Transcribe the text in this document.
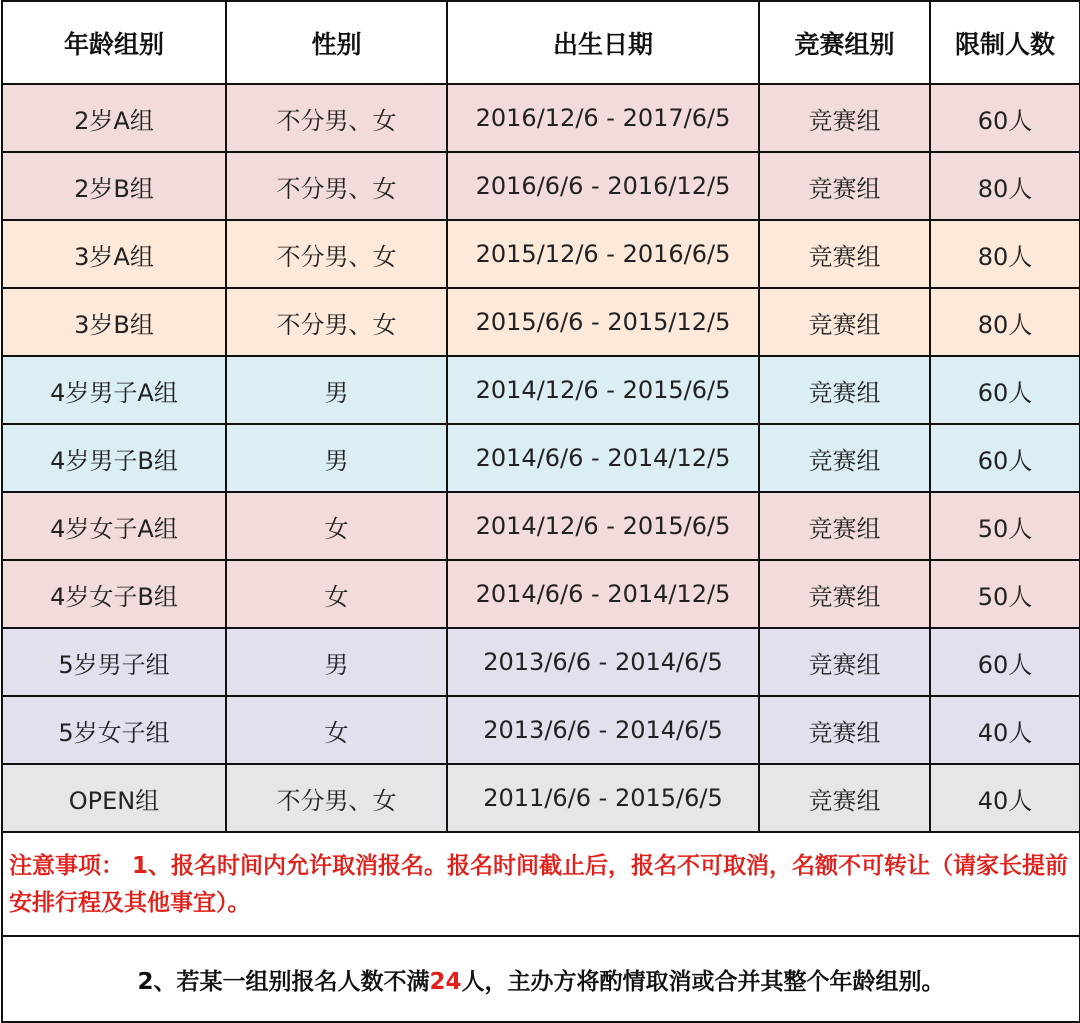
年龄组别	性别	出生日期	竞赛组别	限制人数
2岁A组	不分男、女	2016/12/6 - 2017/6/5	竞赛组	60人
2岁B组	不分男、女	2016/6/6 - 2016/12/5	竞赛组	80人
3岁A组	不分男、女	2015/12/6 - 2016/6/5	竞赛组	80人
3岁B组	不分男、女	2015/6/6 - 2015/12/5	竞赛组	80人
4岁男子A组	男	2014/12/6 - 2015/6/5	竞赛组	60人
4岁男子B组	男	2014/6/6 - 2014/12/5	竞赛组	60人
4岁女子A组	女	2014/12/6 - 2015/6/5	竞赛组	50人
4岁女子B组	女	2014/6/6 - 2014/12/5	竞赛组	50人
5岁男子组	男	2013/6/6 - 2014/6/5	竞赛组	60人
5岁女子组	女	2013/6/6 - 2014/6/5	竞赛组	40人
OPEN组	不分男、女	2011/6/6 - 2015/6/5	竞赛组	40人
注意事项： 1、报名时间内允许取消报名。报名时间截止后，报名不可取消，名额不可转让（请家长提前安排行程及其他事宜）。				
2、若某一组别报名人数不满24人，主办方将酌情取消或合并其整个年龄组别。				
